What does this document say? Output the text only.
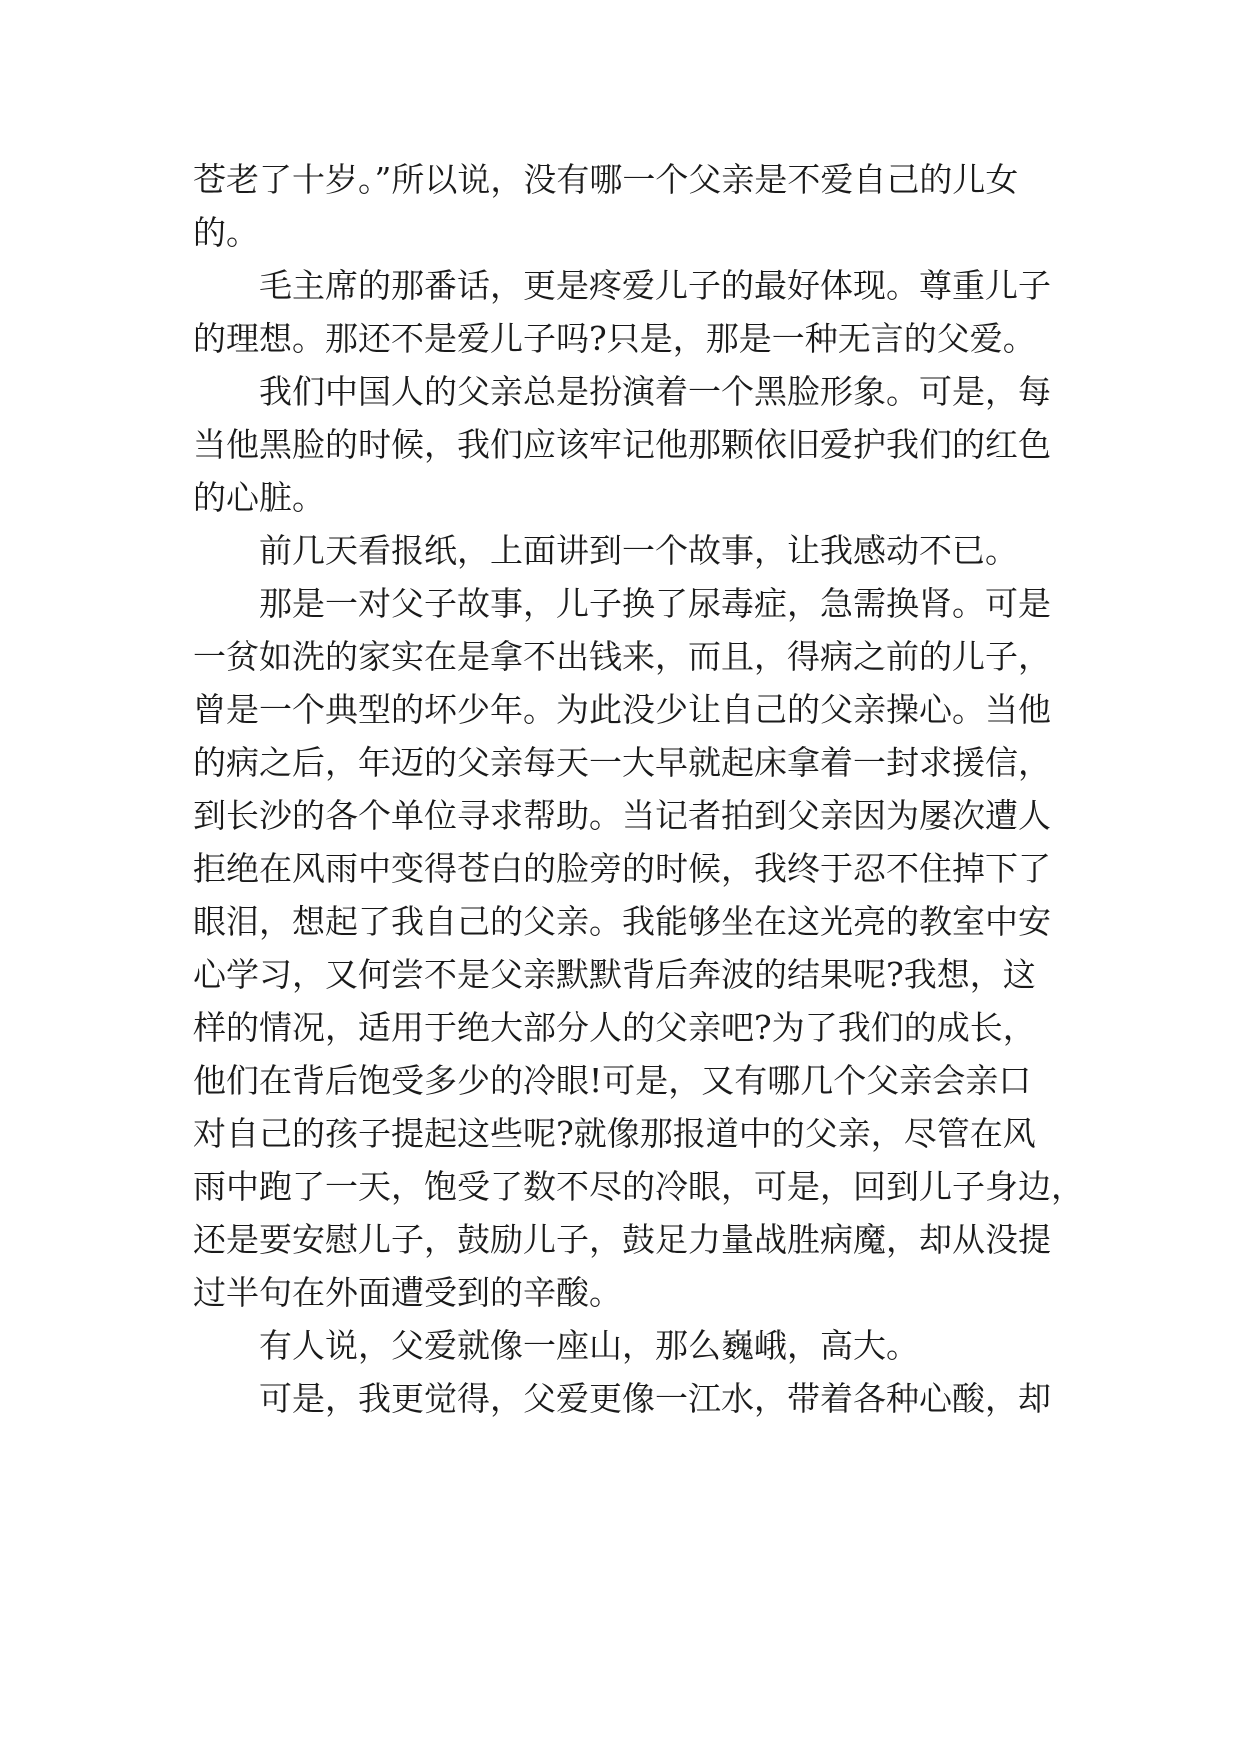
苍老了十岁。”所以说，没有哪一个父亲是不爱自己的儿女
的。
毛主席的那番话，更是疼爱儿子的最好体现。尊重儿子
的理想。那还不是爱儿子吗?只是，那是一种无言的父爱。
我们中国人的父亲总是扮演着一个黑脸形象。可是，每
当他黑脸的时候，我们应该牢记他那颗依旧爱护我们的红色
的心脏。
前几天看报纸，上面讲到一个故事，让我感动不已。
那是一对父子故事，儿子换了尿毒症，急需换肾。可是
一贫如洗的家实在是拿不出钱来，而且，得病之前的儿子，
曾是一个典型的坏少年。为此没少让自己的父亲操心。当他
的病之后，年迈的父亲每天一大早就起床拿着一封求援信，
到长沙的各个单位寻求帮助。当记者拍到父亲因为屡次遭人
拒绝在风雨中变得苍白的脸旁的时候，我终于忍不住掉下了
眼泪，想起了我自己的父亲。我能够坐在这光亮的教室中安
心学习，又何尝不是父亲默默背后奔波的结果呢?我想，这
样的情况，适用于绝大部分人的父亲吧?为了我们的成长，
他们在背后饱受多少的冷眼!可是，又有哪几个父亲会亲口
对自己的孩子提起这些呢?就像那报道中的父亲，尽管在风
雨中跑了一天，饱受了数不尽的冷眼，可是，回到儿子身边，
还是要安慰儿子，鼓励儿子，鼓足力量战胜病魔，却从没提
过半句在外面遭受到的辛酸。
有人说，父爱就像一座山，那么巍峨，高大。
可是，我更觉得，父爱更像一江水，带着各种心酸，却
